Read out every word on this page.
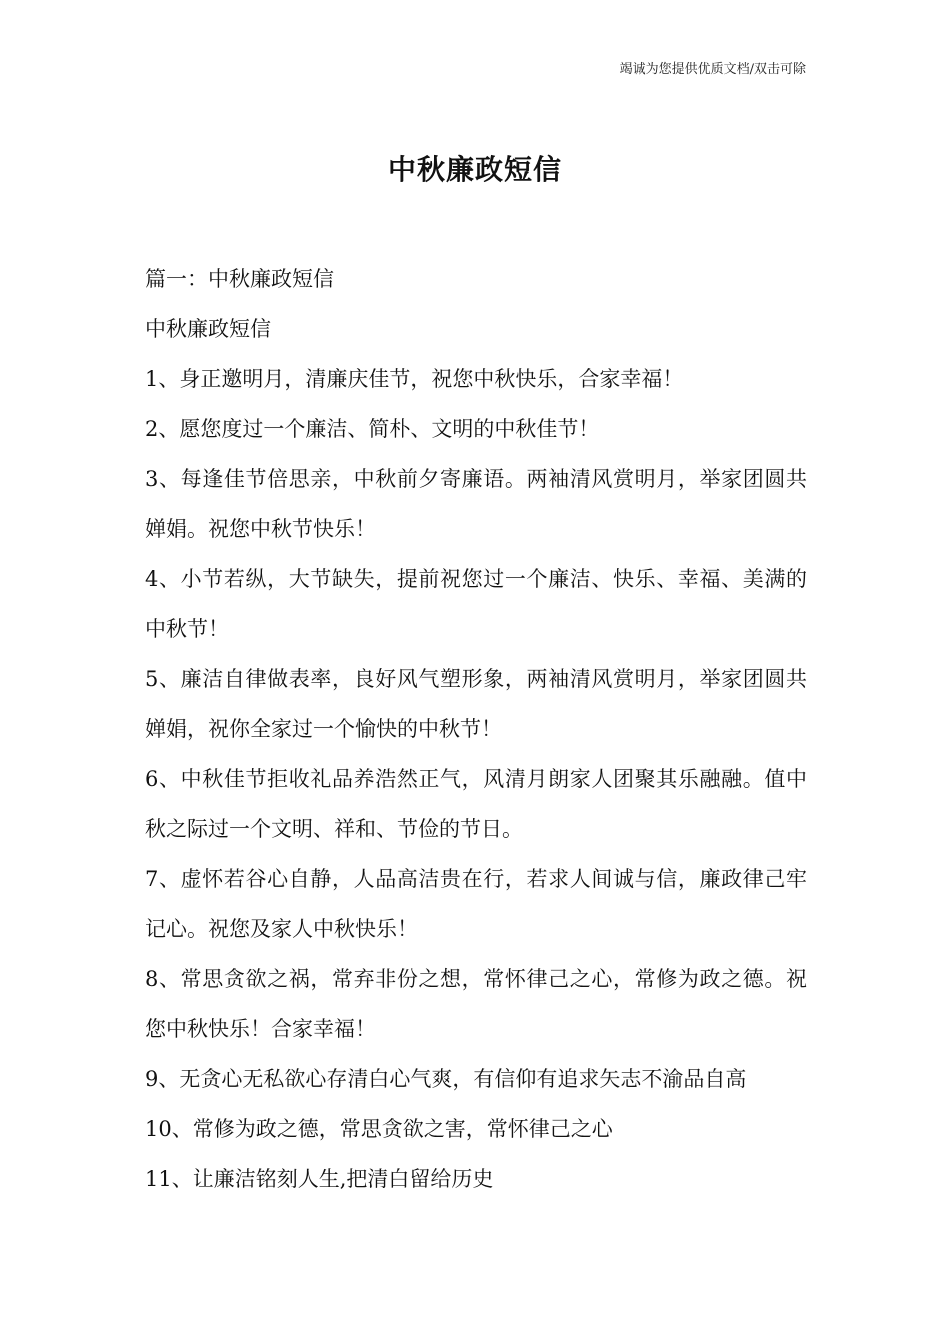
竭诚为您提供优质文档/双击可除
中秋廉政短信

篇一：中秋廉政短信

中秋廉政短信

1、身正邀明月，清廉庆佳节，祝您中秋快乐，合家幸福！

2、愿您度过一个廉洁、简朴、文明的中秋佳节！

3、每逢佳节倍思亲，中秋前夕寄廉语。两袖清风赏明月，举家团圆共婵娟。祝您中秋节快乐！

4、小节若纵，大节缺失，提前祝您过一个廉洁、快乐、幸福、美满的中秋节！

5、廉洁自律做表率，良好风气塑形象，两袖清风赏明月，举家团圆共婵娟，祝你全家过一个愉快的中秋节！

6、中秋佳节拒收礼品养浩然正气，风清月朗家人团聚其乐融融。值中秋之际过一个文明、祥和、节俭的节日。

7、虚怀若谷心自静，人品高洁贵在行，若求人间诚与信，廉政律己牢记心。祝您及家人中秋快乐！

8、常思贪欲之祸，常弃非份之想，常怀律己之心，常修为政之德。祝您中秋快乐！合家幸福！

9、无贪心无私欲心存清白心气爽，有信仰有追求矢志不渝品自高

10、常修为政之德，常思贪欲之害，常怀律己之心

11、让廉洁铭刻人生,把清白留给历史
